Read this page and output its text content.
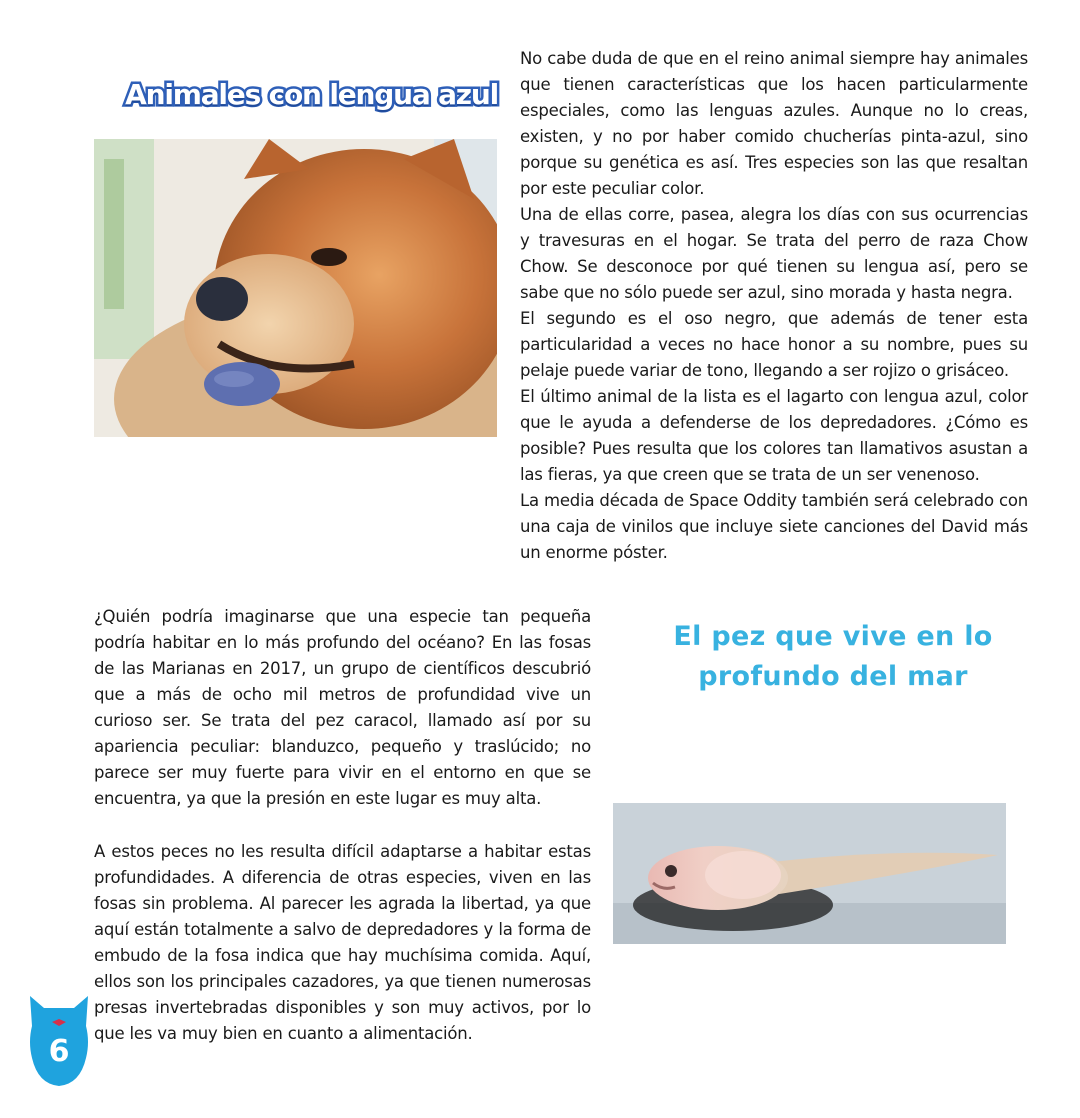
Animales con lengua azul

No cabe duda de que en el reino animal siempre hay animales que tienen características que los hacen particularmente especiales, como las lenguas azules. Aunque no lo creas, existen, y no por haber comido chucherías pinta-azul, sino porque su genética es así. Tres especies son las que resaltan por este peculiar color.

Una de ellas corre, pasea, alegra los días con sus ocurrencias y travesuras en el hogar. Se trata del perro de raza Chow Chow. Se desconoce por qué tienen su lengua así, pero se sabe que no sólo puede ser azul, sino morada y hasta negra.

El segundo es el oso negro, que además de tener esta particularidad a veces no hace honor a su nombre, pues su pelaje puede variar de tono, llegando a ser rojizo o grisáceo.

El último animal de la lista es el lagarto con lengua azul, color que le ayuda a defenderse de los depredadores. ¿Cómo es posible? Pues resulta que los colores tan llamativos asustan a las fieras, ya que creen que se trata de un ser venenoso.

La media década de Space Oddity también será celebrado con una caja de vinilos que incluye siete canciones del David más un enorme póster.

¿Quién podría imaginarse que una especie tan pequeña podría habitar en lo más profundo del océano? En las fosas de las Marianas en 2017, un grupo de científicos descubrió que a más de ocho mil metros de profundidad vive un curioso ser. Se trata del pez caracol, llamado así por su apariencia peculiar: blanduzco, pequeño y traslúcido; no parece ser muy fuerte para vivir en el entorno en que se encuentra, ya que la presión en este lugar es muy alta.

A estos peces no les resulta difícil adaptarse a habitar estas profundidades. A diferencia de otras especies, viven en las fosas sin problema. Al parecer les agrada la libertad, ya que aquí están totalmente a salvo de depredadores y la forma de embudo de la fosa indica que hay muchísima comida. Aquí, ellos son los principales cazadores, ya que tienen numerosas presas invertebradas disponibles y son muy activos, por lo que les va muy bien en cuanto a alimentación.

El pez que vive en lo profundo del mar
6
